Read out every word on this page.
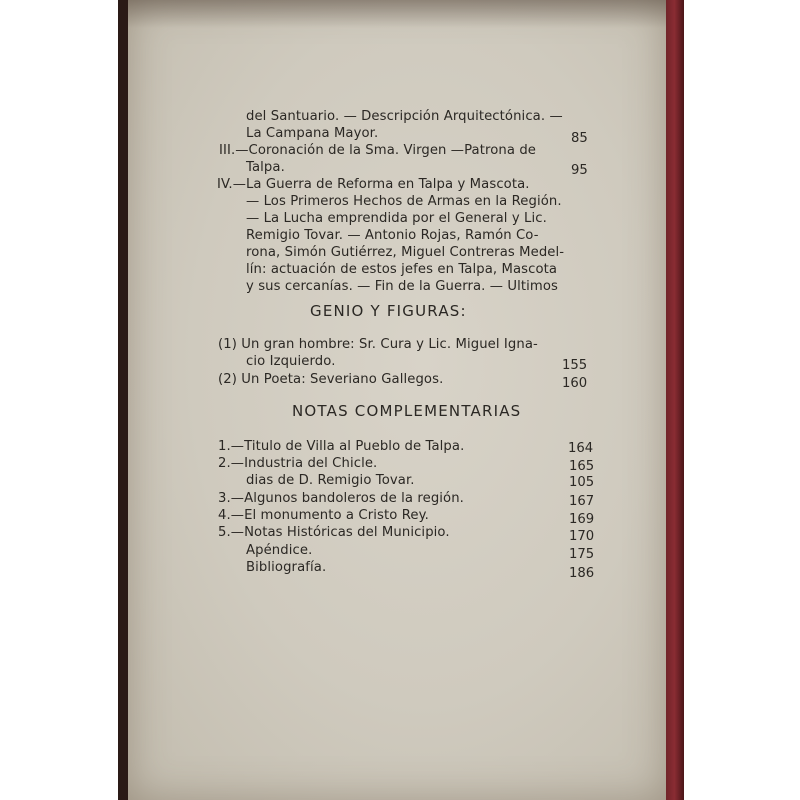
del Santuario. — Descripción Arquitectónica. —
La Campana Mayor.	85
III.—Coronación de la Sma. Virgen —Patrona de
Talpa.	95
IV.—La Guerra de Reforma en Talpa y Mascota.
— Los Primeros Hechos de Armas en la Región.
— La Lucha emprendida por el General y Lic.
Remigio Tovar. — Antonio Rojas, Ramón Co-
rona, Simón Gutiérrez, Miguel Contreras Medel-
lín: actuación de estos jefes en Talpa, Mascota
y sus cercanías. — Fin de la Guerra. — Ultimos
GENIO Y FIGURAS:
(1) Un gran hombre: Sr. Cura y Lic. Miguel Igna-
cio Izquierdo.	155
(2) Un Poeta: Severiano Gallegos.	160
NOTAS COMPLEMENTARIAS
1.—Titulo de Villa al Pueblo de Talpa.	164
2.—Industria del Chicle.	165
dias de D. Remigio Tovar.	105
3.—Algunos bandoleros de la región.	167
4.—El monumento a Cristo Rey.	169
5.—Notas Históricas del Municipio.	170
Apéndice.	175
Bibliografía.	186
